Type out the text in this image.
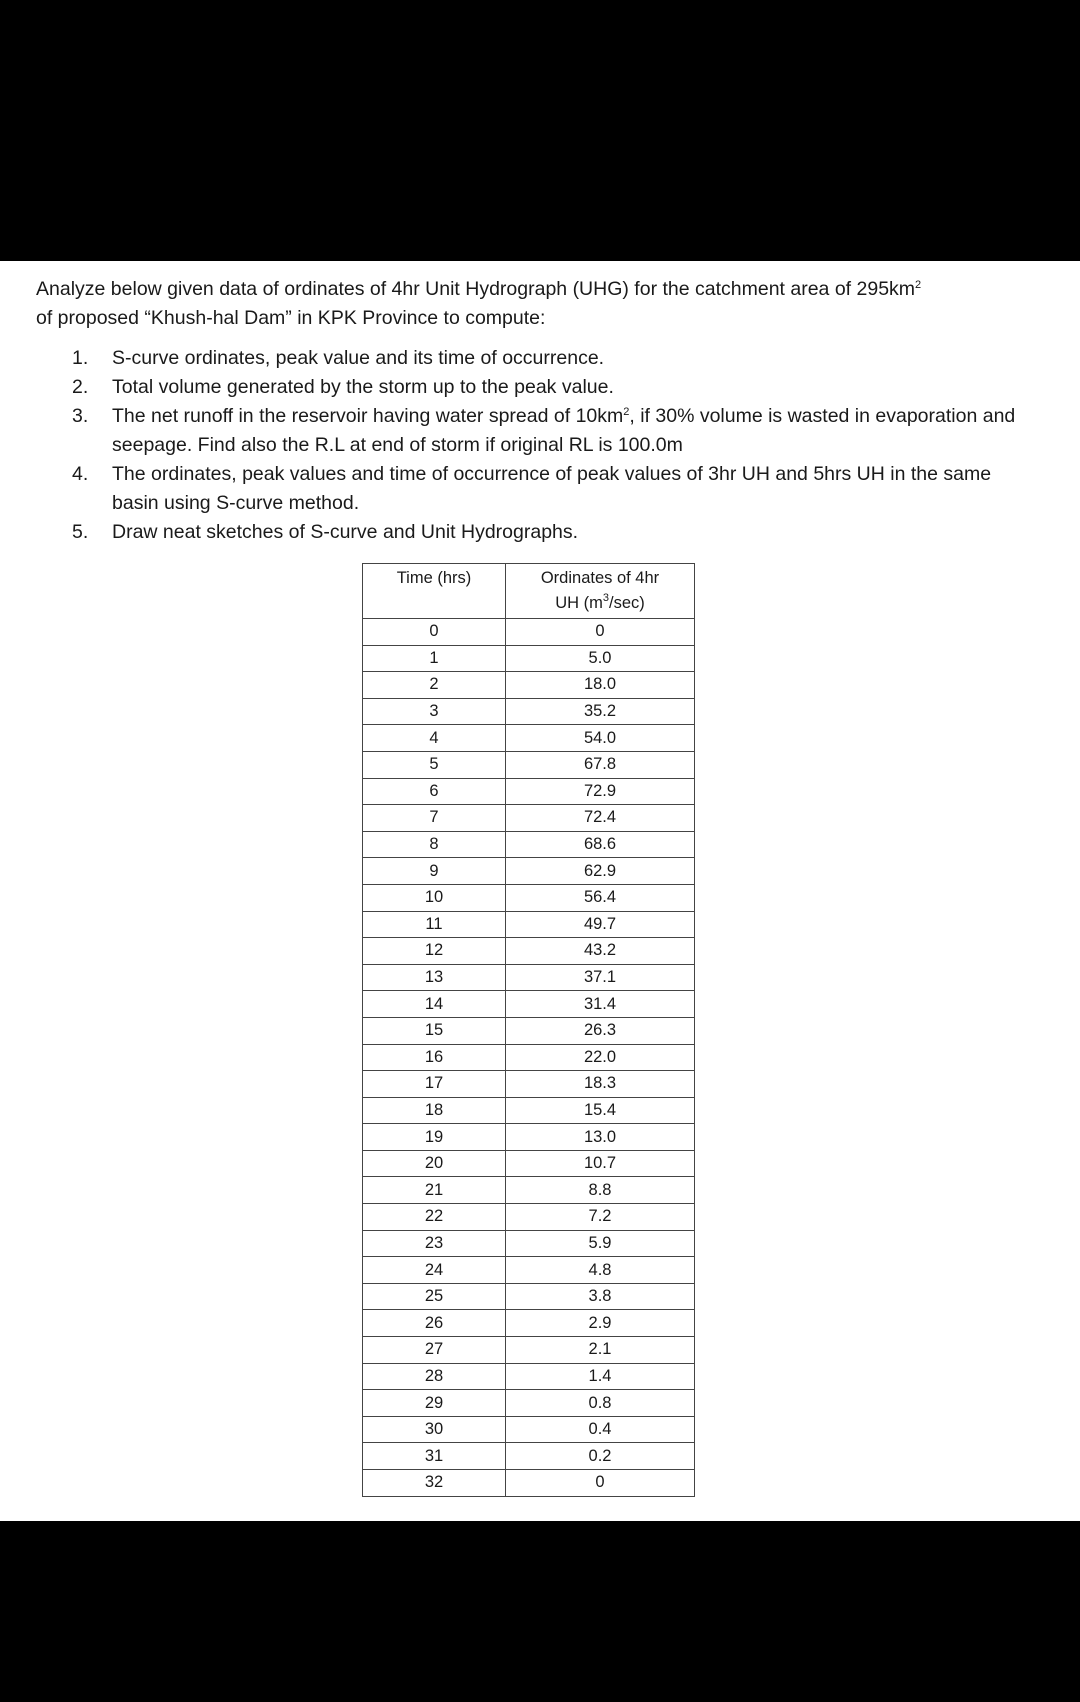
Analyze below given data of ordinates of 4hr Unit Hydrograph (UHG) for the catchment area of $295km^2$
of proposed “Khush-hal Dam” in KPK Province to compute:
1. S-curve ordinates, peak value and its time of occurrence.
2. Total volume generated by the storm up to the peak value.
3. The net runoff in the reservoir having water spread of $10km^2$, if 30% volume is wasted in evaporation and seepage. Find also the R.L at end of storm if original RL is 100.0m
4. The ordinates, peak values and time of occurrence of peak values of 3hr UH and 5hrs UH in the same basin using S-curve method.
5. Draw neat sketches of S-curve and Unit Hydrographs.
Time (hrs)	Ordinates of 4hr
UH $(m^3/\sec)$
0	0
1	5.0
2	18.0
3	35.2
4	54.0
5	67.8
6	72.9
7	72.4
8	68.6
9	62.9
10	56.4
11	49.7
12	43.2
13	37.1
14	31.4
15	26.3
16	22.0
17	18.3
18	15.4
19	13.0
20	10.7
21	8.8
22	7.2
23	5.9
24	4.8
25	3.8
26	2.9
27	2.1
28	1.4
29	0.8
30	0.4
31	0.2
32	0
